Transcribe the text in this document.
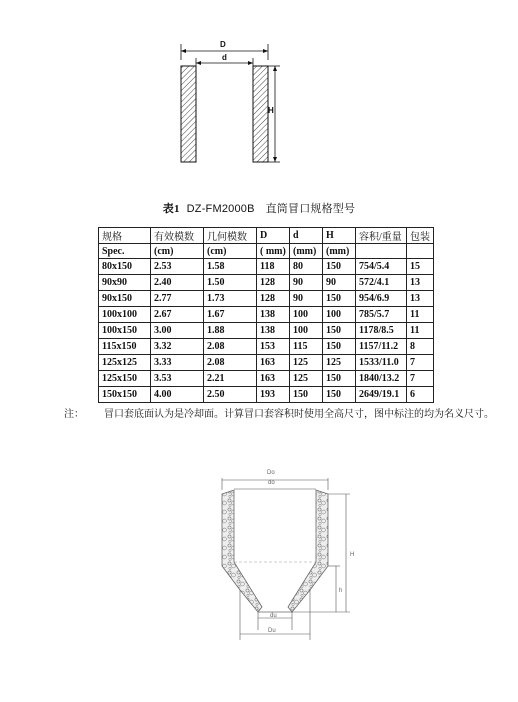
D
d
H
表1 DZ-FM2000B 直筒冒口规格型号
规格	有效模数	几何模数	D	d	H	容积/重量	包装
Spec.	(cm)	(cm)	( mm)	(mm)	(mm)		
80x150	2.53	1.58	118	80	150	754/5.4	15
90x90	2.40	1.50	128	90	90	572/4.1	13
90x150	2.77	1.73	128	90	150	954/6.9	13
100x100	2.67	1.67	138	100	100	785/5.7	11
100x150	3.00	1.88	138	100	150	1178/8.5	11
115x150	3.32	2.08	153	115	150	1157/11.2	8
125x125	3.33	2.08	163	125	125	1533/11.0	7
125x150	3.53	2.21	163	125	150	1840/13.2	7
150x150	4.00	2.50	193	150	150	2649/19.1	6
注： 冒口套底面认为是冷却面。计算冒口套容积时使用全高尺寸，图中标注的均为名义尺寸。
Do
do
H
h
du
Du
